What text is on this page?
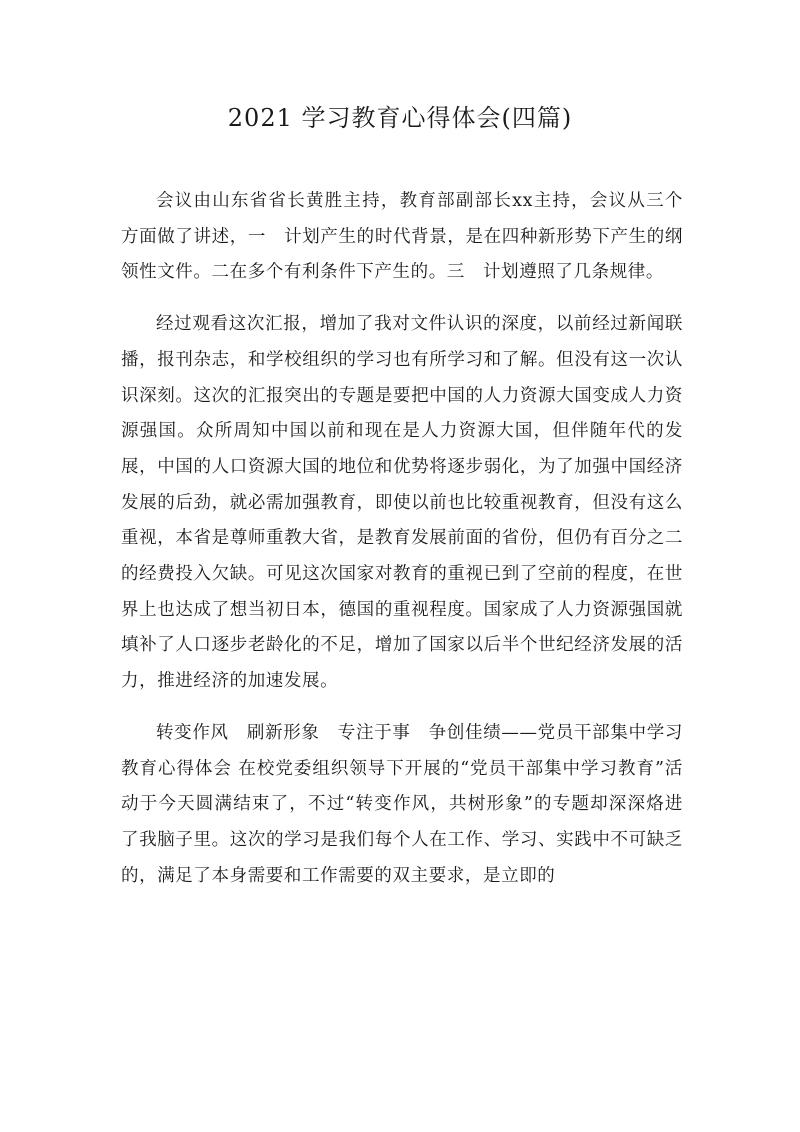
2021 学习教育心得体会(四篇)

会议由山东省省长黄胜主持，教育部副部长xx主持，会议从三个方面做了讲述，一　计划产生的时代背景，是在四种新形势下产生的纲领性文件。二在多个有利条件下产生的。三　计划遵照了几条规律。

经过观看这次汇报，增加了我对文件认识的深度，以前经过新闻联播，报刊杂志，和学校组织的学习也有所学习和了解。但没有这一次认识深刻。这次的汇报突出的专题是要把中国的人力资源大国变成人力资源强国。众所周知中国以前和现在是人力资源大国，但伴随年代的发展，中国的人口资源大国的地位和优势将逐步弱化，为了加强中国经济发展的后劲，就必需加强教育，即使以前也比较重视教育，但没有这么重视，本省是尊师重教大省，是教育发展前面的省份，但仍有百分之二的经费投入欠缺。可见这次国家对教育的重视已到了空前的程度，在世界上也达成了想当初日本，德国的重视程度。国家成了人力资源强国就填补了人口逐步老龄化的不足，增加了国家以后半个世纪经济发展的活力，推进经济的加速发展。

转变作风　刷新形象　专注于事　争创佳绩——党员干部集中学习教育心得体会 在校党委组织领导下开展的“党员干部集中学习教育”活动于今天圆满结束了，不过“转变作风，共树形象”的专题却深深烙进了我脑子里。这次的学习是我们每个人在工作、学习、实践中不可缺乏的，满足了本身需要和工作需要的双主要求，是立即的
